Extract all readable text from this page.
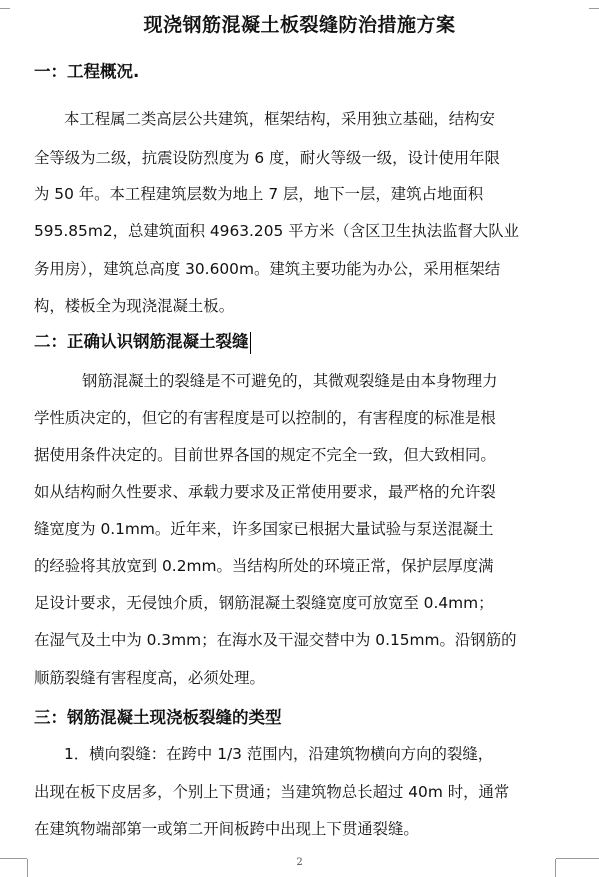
现浇钢筋混凝土板裂缝防治措施方案
一：工程概况.
本工程属二类高层公共建筑，框架结构，采用独立基础，结构安
全等级为二级，抗震设防烈度为 6 度，耐火等级一级，设计使用年限
为 50 年。本工程建筑层数为地上 7 层，地下一层，建筑占地面积
595.85m2，总建筑面积 4963.205 平方米（含区卫生执法监督大队业
务用房），建筑总高度 30.600m。建筑主要功能为办公，采用框架结
构，楼板全为现浇混凝土板。
二：正确认识钢筋混凝土裂缝
钢筋混凝土的裂缝是不可避免的，其微观裂缝是由本身物理力
学性质决定的，但它的有害程度是可以控制的，有害程度的标准是根
据使用条件决定的。目前世界各国的规定不完全一致，但大致相同。
如从结构耐久性要求、承载力要求及正常使用要求，最严格的允许裂
缝宽度为 0.1mm。近年来，许多国家已根据大量试验与泵送混凝土
的经验将其放宽到 0.2mm。当结构所处的环境正常，保护层厚度满
足设计要求，无侵蚀介质，钢筋混凝土裂缝宽度可放宽至 0.4mm；
在湿气及土中为 0.3mm；在海水及干湿交替中为 0.15mm。沿钢筋的
顺筋裂缝有害程度高，必须处理。
三：钢筋混凝土现浇板裂缝的类型
1．横向裂缝：在跨中 1/3 范围内，沿建筑物横向方向的裂缝，
出现在板下皮居多，个别上下贯通；当建筑物总长超过 40m 时，通常
在建筑物端部第一或第二开间板跨中出现上下贯通裂缝。
2
